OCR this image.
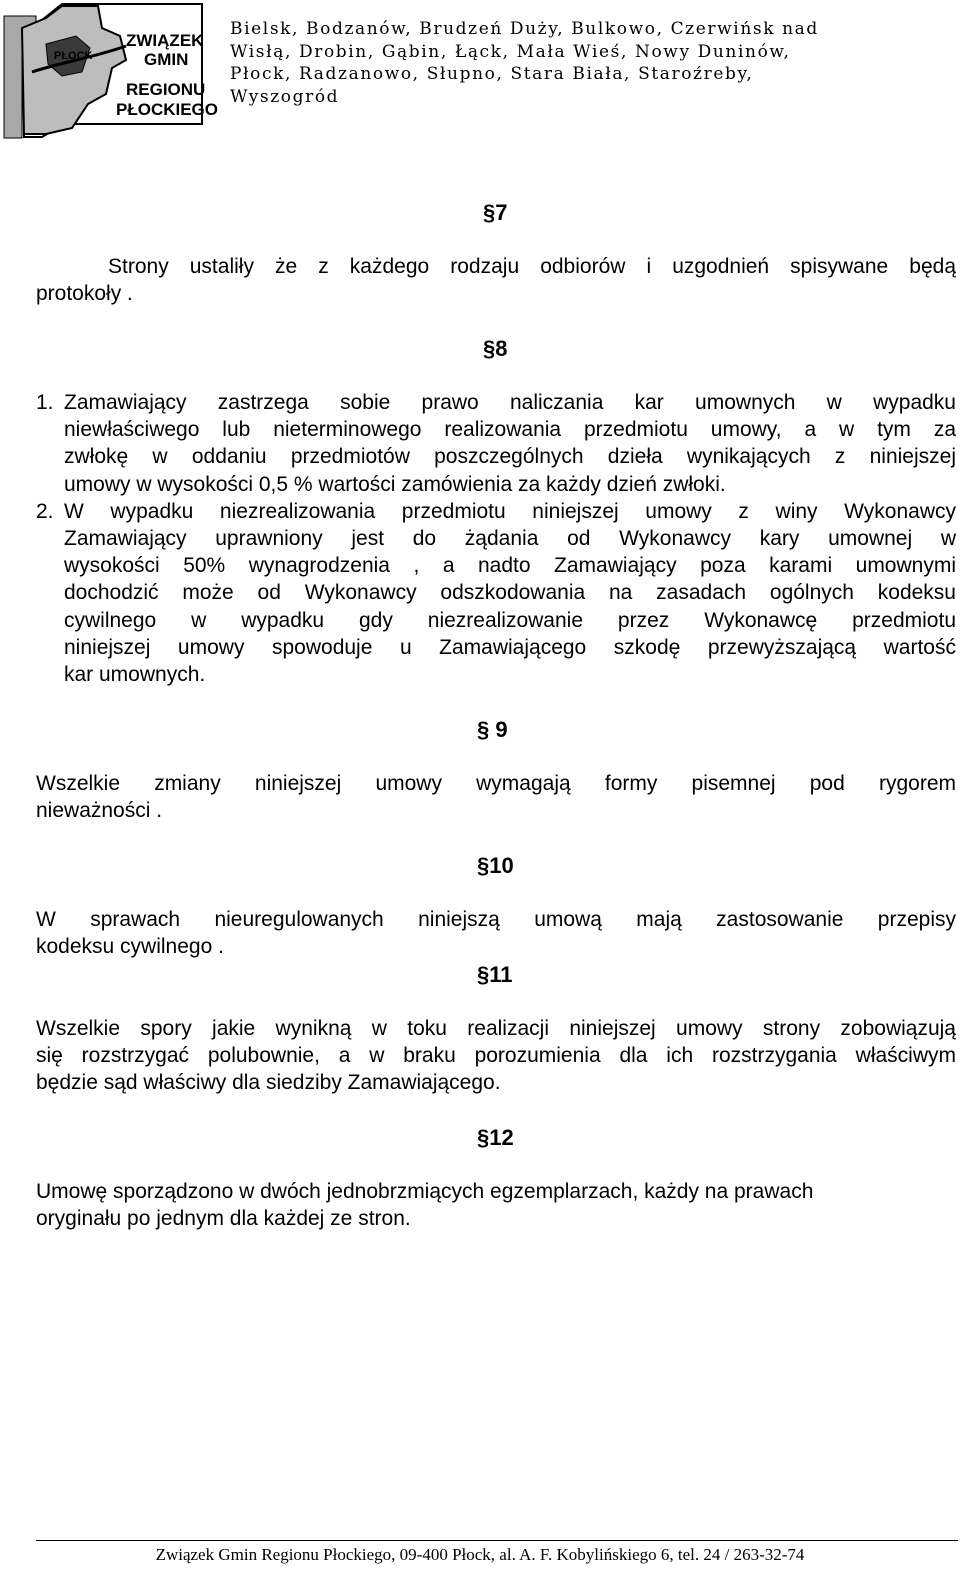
PŁOCK
ZWIĄZEK
GMIN
REGIONU
PŁOCKIEGO
Bielsk, Bodzanów, Brudzeń Duży, Bulkowo, Czerwińsk nad
Wisłą, Drobin, Gąbin, Łąck, Mała Wieś, Nowy Duninów,
Płock, Radzanowo, Słupno, Stara Biała, Staroźreby,
Wyszogród
§7
Strony ustaliły że z każdego rodzaju odbiorów i uzgodnień spisywane będą
protokoły .
§8
1. Zamawiający zastrzega sobie prawo naliczania kar umownych w wypadku
niewłaściwego lub nieterminowego realizowania przedmiotu umowy, a w tym za
zwłokę w oddaniu przedmiotów poszczególnych dzieła wynikających z niniejszej
umowy w wysokości 0,5 % wartości zamówienia za każdy dzień zwłoki.
2. W wypadku niezrealizowania przedmiotu niniejszej umowy z winy Wykonawcy
Zamawiający uprawniony jest do żądania od Wykonawcy kary umownej w
wysokości 50% wynagrodzenia , a nadto Zamawiający poza karami umownymi
dochodzić może od Wykonawcy odszkodowania na zasadach ogólnych kodeksu
cywilnego w wypadku gdy niezrealizowanie przez Wykonawcę przedmiotu
niniejszej umowy spowoduje u Zamawiającego szkodę przewyższającą wartość
kar umownych.
§ 9
Wszelkie zmiany niniejszej umowy wymagają formy pisemnej pod rygorem
nieważności .
§10
W sprawach nieuregulowanych niniejszą umową mają zastosowanie przepisy
kodeksu cywilnego .
§11
Wszelkie spory jakie wynikną w toku realizacji niniejszej umowy strony zobowiązują
się rozstrzygać polubownie, a w braku porozumienia dla ich rozstrzygania właściwym
będzie sąd właściwy dla siedziby Zamawiającego.
§12
Umowę sporządzono w dwóch jednobrzmiących egzemplarzach, każdy na prawach
oryginału po jednym dla każdej ze stron.
Związek Gmin Regionu Płockiego, 09-400 Płock, al. A. F. Kobylińskiego 6, tel. 24 / 263-32-74
